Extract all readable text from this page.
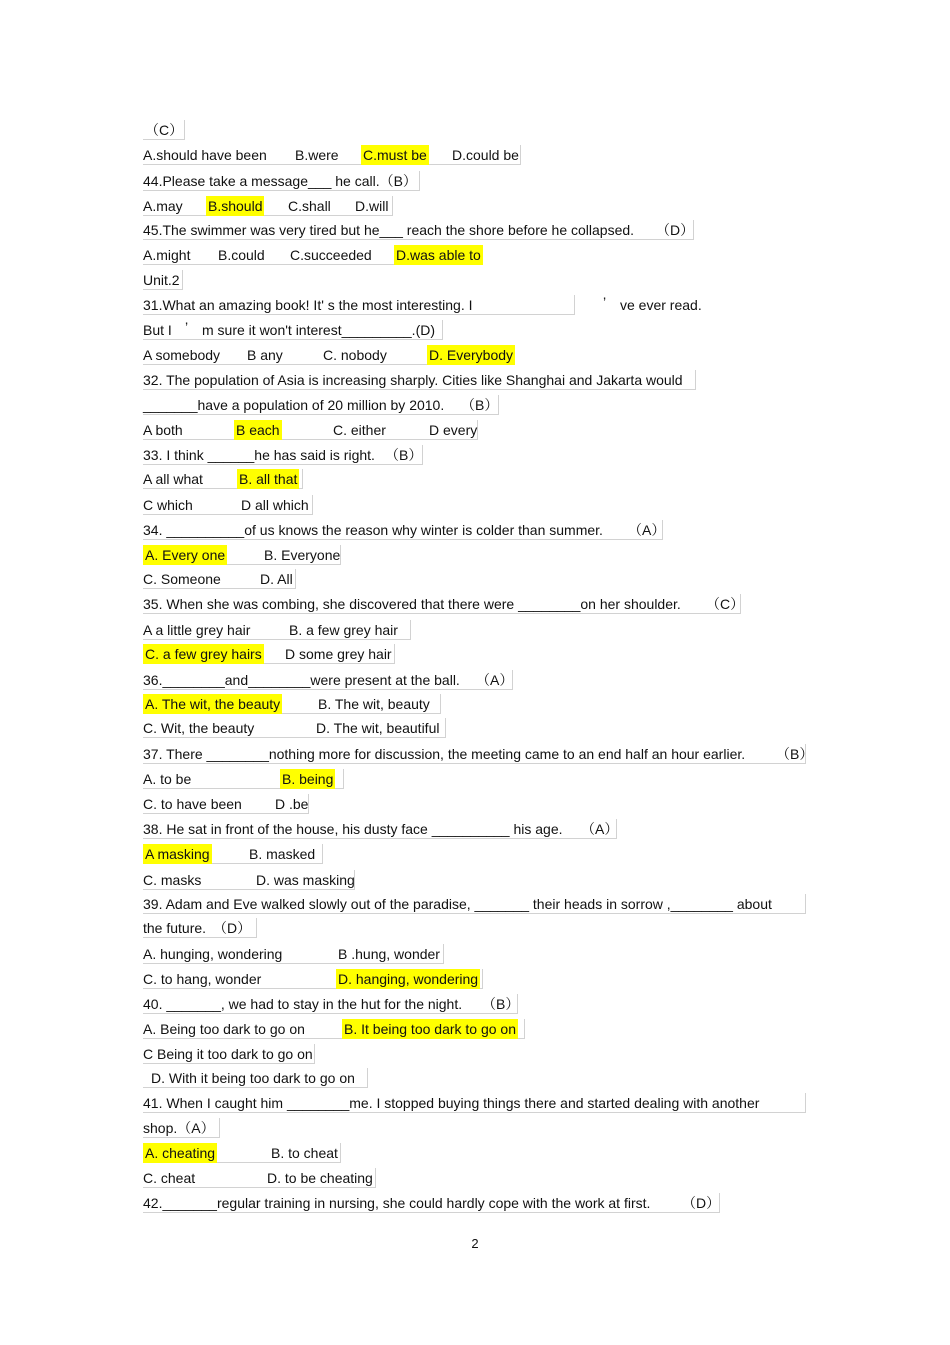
（C）
A.should have been B.were C.must be D.could be
44.Please take a message___ he call.（B）
A.may B.should C.shall D.will
45.The swimmer was very tired but he___ reach the shore before he collapsed. （D）
A.might B.could C.succeeded D.was able to
Unit.2
31.What an amazing book! It' s the most interesting. I	’ ve ever read.
But I ’ m sure it won't interest_________.(D)
A somebody B any	C. nobody	D. Everybody
32. The population of Asia is increasing sharply. Cities like Shanghai and Jakarta would
_______have a population of 20 million by 2010. （B）
A both	B each	C. either	D every
33. I think ______he has said is right. （B）
A all what	B. all that
C which	D all which
34. __________of us knows the reason why winter is colder than summer. （A）
A. Every one	B. Everyone
C. Someone	D. All
35. When she was combing, she discovered that there were ________on her shoulder. （C）
A a little grey hair	B. a few grey hair
C. a few grey hairs D some grey hair
36.________and________were present at the ball. （A）
A. The wit, the beauty	B. The wit, beauty
C. Wit, the beauty	D. The wit, beautiful
37. There ________nothing more for discussion, the meeting came to an end half an hour earlier. （B）
A. to be	B. being
C. to have been D .be
38. He sat in front of the house, his dusty face __________ his age. （A）
A masking	B. masked
C. masks	D. was masking
39. Adam and Eve walked slowly out of the paradise, _______ their heads in sorrow ,________ about
the future. （D）
A. hunging, wondering	B .hung, wonder
C. to hang, wonder	D. hanging, wondering
40. _______, we had to stay in the hut for the night. （B）
A. Being too dark to go on	B. It being too dark to go on
C Being it too dark to go on
D. With it being too dark to go on
41. When I caught him ________me. I stopped buying things there and started dealing with another
shop.（A）
A. cheating	B. to cheat
C. cheat	D. to be cheating
42._______regular training in nursing, she could hardly cope with the work at first. （D）
2
